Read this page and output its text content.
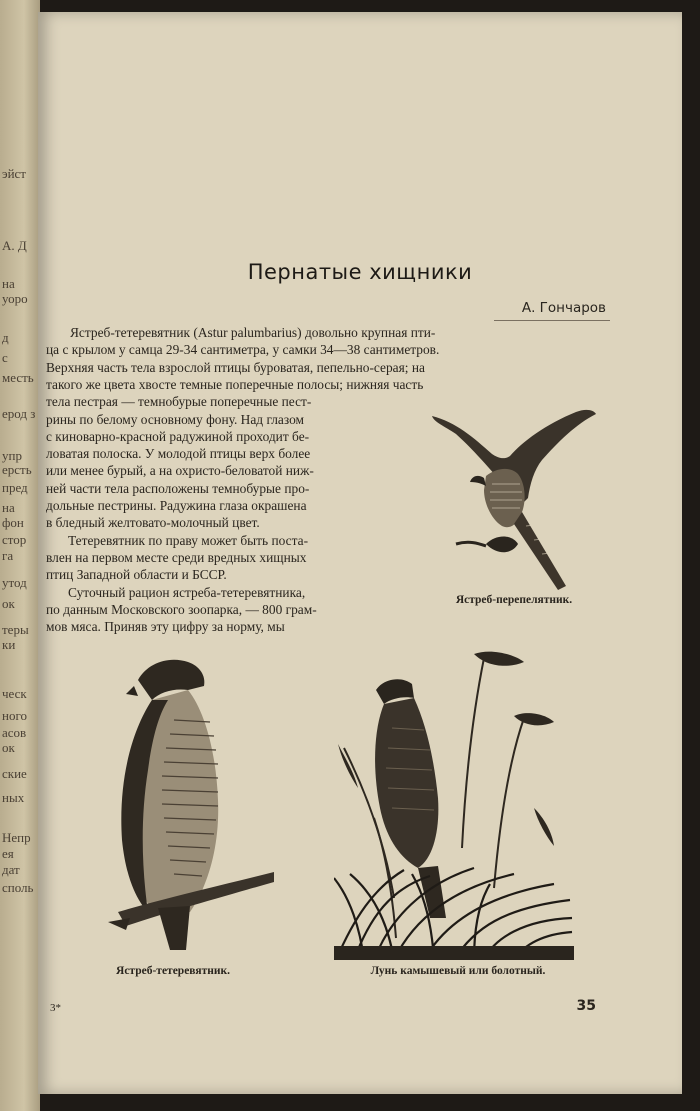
эйст
А. Д
на
уоро
д
с
месть
ерод з
упр
ерсть
пред
на
фон
стор
га
утод
ок
теры
ки
ческ
ного
асов
ок
ские
ных
Непр
ея
дат
споль
Пернатые хищники
А. Гончаров
Ястреб-тетеревятник (Astur palumbarius) довольно крупная пти-
ца с крылом у самца 29-34 сантиметра, у самки 34—38 сантиметров.
Верхняя часть тела взрослой птицы буроватая, пепельно-серая; на
такого же цвета хвосте темные поперечные полосы; нижняя часть
тела пестрая — темнобурые поперечные пест-
рины по белому основному фону. Над глазом
с киноварно-красной радужиной проходит бе-
ловатая полоска. У молодой птицы верх более
или менее бурый, а на охристо-беловатой ниж-
ней части тела расположены темнобурые про-
дольные пестрины. Радужина глаза окрашена
в бледный желтовато-молочный цвет.
Тетеревятник по праву может быть поста-
влен на первом месте среди вредных хищных
птиц Западной области и БССР.
Суточный рацион ястреба-тетеревятника,
по данным Московского зоопарка, — 800 грам-
мов мяса. Приняв эту цифру за норму, мы
Ястреб-перепелятник.
Ястреб-тетеревятник.	Лунь камышевый или болотный.
3*	35
